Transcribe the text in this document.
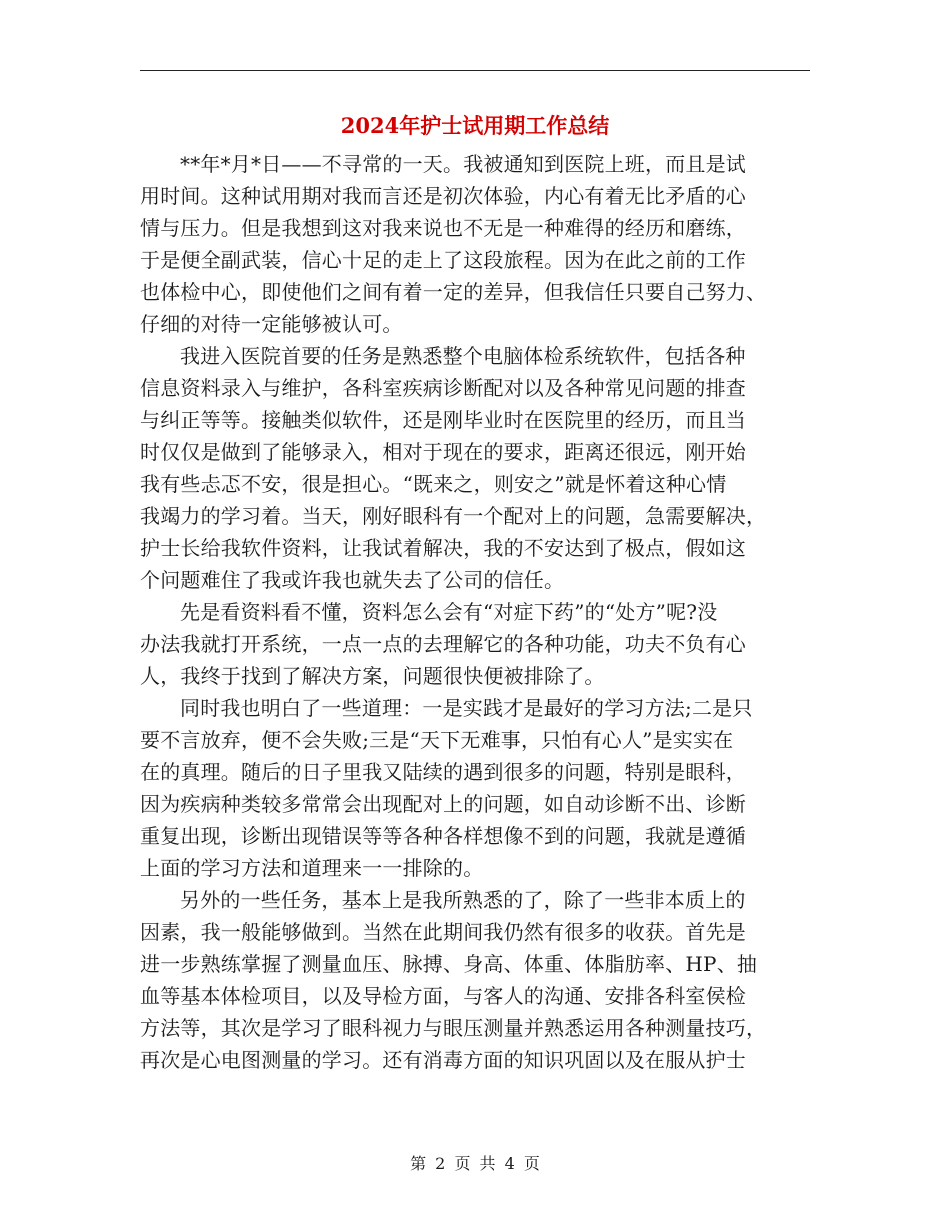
2024年护士试用期工作总结

**年*月*日——不寻常的一天。我被通知到医院上班，而且是试
用时间。这种试用期对我而言还是初次体验，内心有着无比矛盾的心
情与压力。但是我想到这对我来说也不无是一种难得的经历和磨练，
于是便全副武装，信心十足的走上了这段旅程。因为在此之前的工作
也体检中心，即使他们之间有着一定的差异，但我信任只要自己努力、
仔细的对待一定能够被认可。

我进入医院首要的任务是熟悉整个电脑体检系统软件，包括各种
信息资料录入与维护，各科室疾病诊断配对以及各种常见问题的排查
与纠正等等。接触类似软件，还是刚毕业时在医院里的经历，而且当
时仅仅是做到了能够录入，相对于现在的要求，距离还很远，刚开始
我有些忐忑不安，很是担心。“既来之，则安之”就是怀着这种心情
我竭力的学习着。当天，刚好眼科有一个配对上的问题，急需要解决，
护士长给我软件资料，让我试着解决，我的不安达到了极点，假如这
个问题难住了我或许我也就失去了公司的信任。

先是看资料看不懂，资料怎么会有“对症下药”的“处方”呢?没
办法我就打开系统，一点一点的去理解它的各种功能，功夫不负有心
人，我终于找到了解决方案，问题很快便被排除了。

同时我也明白了一些道理：一是实践才是最好的学习方法;二是只
要不言放弃，便不会失败;三是“天下无难事，只怕有心人”是实实在
在的真理。随后的日子里我又陆续的遇到很多的问题，特别是眼科，
因为疾病种类较多常常会出现配对上的问题，如自动诊断不出、诊断
重复出现，诊断出现错误等等各种各样想像不到的问题，我就是遵循
上面的学习方法和道理来一一排除的。

另外的一些任务，基本上是我所熟悉的了，除了一些非本质上的
因素，我一般能够做到。当然在此期间我仍然有很多的收获。首先是
进一步熟练掌握了测量血压、脉搏、身高、体重、体脂肪率、HP、抽
血等基本体检项目，以及导检方面，与客人的沟通、安排各科室侯检
方法等，其次是学习了眼科视力与眼压测量并熟悉运用各种测量技巧，
再次是心电图测量的学习。还有消毒方面的知识巩固以及在服从护士

第 2 页 共 4 页
